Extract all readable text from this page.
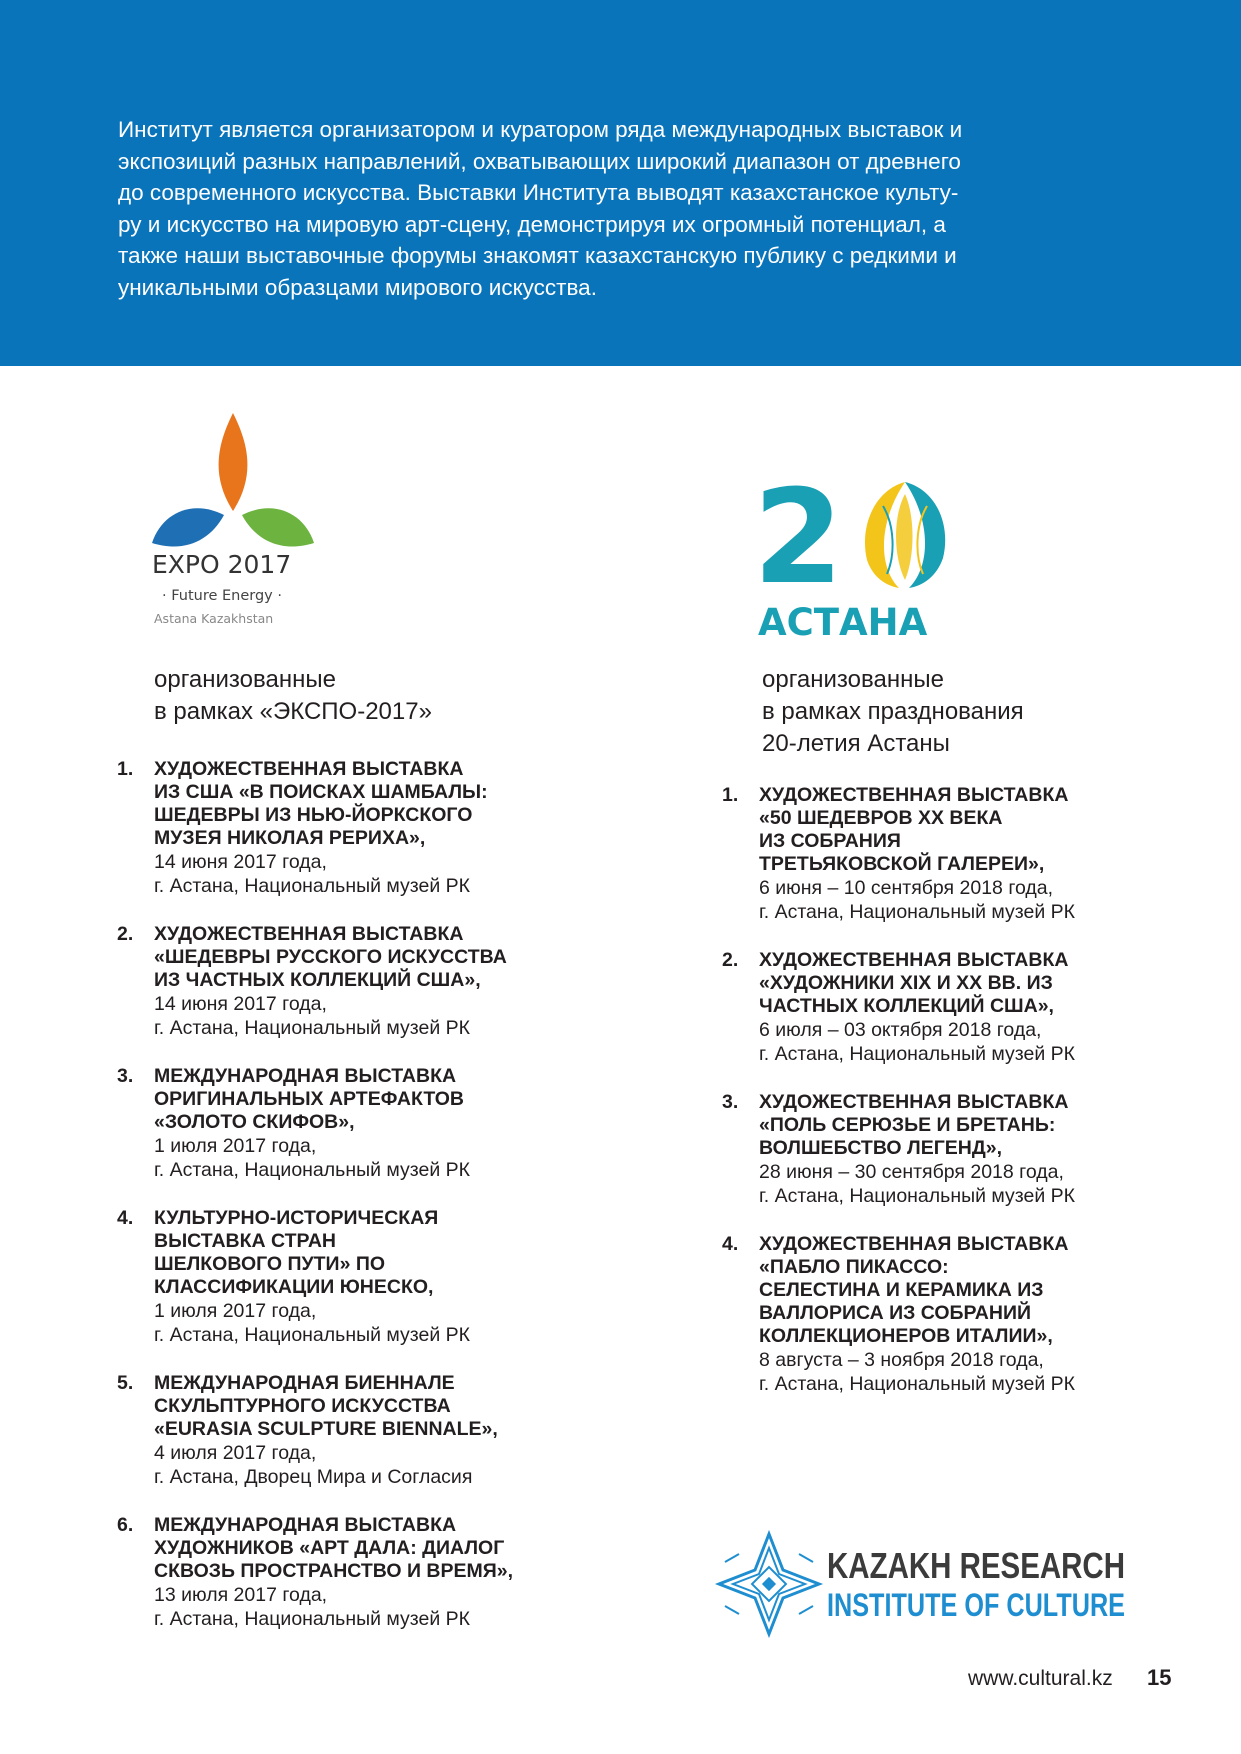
Институт является организатором и куратором ряда международных выставок и
экспозиций разных направлений, охватывающих широкий диапазон от древнего
до современного искусства. Выставки Института выводят казахстанское культу-
ру и искусство на мировую арт-сцену, демонстрируя их огромный потенциал, а
также наши выставочные форумы знакомят казахстанскую публику с редкими и
уникальными образцами мирового искусства.

EXPO 2017
· Future Energy ·
Astana Kazakhstan
2
АСТАНА
организованные
в рамках «ЭКСПО-2017»
организованные
в рамках празднования
20-летия Астаны
1. ХУДОЖЕСТВЕННАЯ ВЫСТАВКА
ИЗ США «В ПОИСКАХ ШАМБАЛЫ:
ШЕДЕВРЫ ИЗ НЬЮ-ЙОРКСКОГО
МУЗЕЯ НИКОЛАЯ РЕРИХА»,
14 июня 2017 года,
г. Астана, Национальный музей РК
2. ХУДОЖЕСТВЕННАЯ ВЫСТАВКА
«ШЕДЕВРЫ РУССКОГО ИСКУССТВА
ИЗ ЧАСТНЫХ КОЛЛЕКЦИЙ США»,
14 июня 2017 года,
г. Астана, Национальный музей РК
3. МЕЖДУНАРОДНАЯ ВЫСТАВКА
ОРИГИНАЛЬНЫХ АРТЕФАКТОВ
«ЗОЛОТО СКИФОВ»,
1 июля 2017 года,
г. Астана, Национальный музей РК
4. КУЛЬТУРНО-ИСТОРИЧЕСКАЯ
ВЫСТАВКА СТРАН
ШЕЛКОВОГО ПУТИ» ПО
КЛАССИФИКАЦИИ ЮНЕСКО,
1 июля 2017 года,
г. Астана, Национальный музей РК
5. МЕЖДУНАРОДНАЯ БИЕННАЛЕ
СКУЛЬПТУРНОГО ИСКУССТВА
«EURASIA SCULPTURE BIENNALE»,
4 июля 2017 года,
г. Астана, Дворец Мира и Согласия
6. МЕЖДУНАРОДНАЯ ВЫСТАВКА
ХУДОЖНИКОВ «АРТ ДАЛА: ДИАЛОГ
СКВОЗЬ ПРОСТРАНСТВО И ВРЕМЯ»,
13 июля 2017 года,
г. Астана, Национальный музей РК
1. ХУДОЖЕСТВЕННАЯ ВЫСТАВКА
«50 ШЕДЕВРОВ ХХ ВЕКА
ИЗ СОБРАНИЯ
ТРЕТЬЯКОВСКОЙ ГАЛЕРЕИ»,
6 июня – 10 сентября 2018 года,
г. Астана, Национальный музей РК
2. ХУДОЖЕСТВЕННАЯ ВЫСТАВКА
«ХУДОЖНИКИ XIX И XX ВВ. ИЗ
ЧАСТНЫХ КОЛЛЕКЦИЙ США»,
6 июля – 03 октября 2018 года,
г. Астана, Национальный музей РК
3. ХУДОЖЕСТВЕННАЯ ВЫСТАВКА
«ПОЛЬ СЕРЮЗЬЕ И БРЕТАНЬ:
ВОЛШЕБСТВО ЛЕГЕНД»,
28 июня – 30 сентября 2018 года,
г. Астана, Национальный музей РК
4. ХУДОЖЕСТВЕННАЯ ВЫСТАВКА
«ПАБЛО ПИКАССО:
СЕЛЕСТИНА И КЕРАМИКА ИЗ
ВАЛЛОРИСА ИЗ СОБРАНИЙ
КОЛЛЕКЦИОНЕРОВ ИТАЛИИ»,
8 августа – 3 ноября 2018 года,
г. Астана, Национальный музей РК
KAZAKH RESEARCH
INSTITUTE OF CULTURE
www.cultural.kz 15
